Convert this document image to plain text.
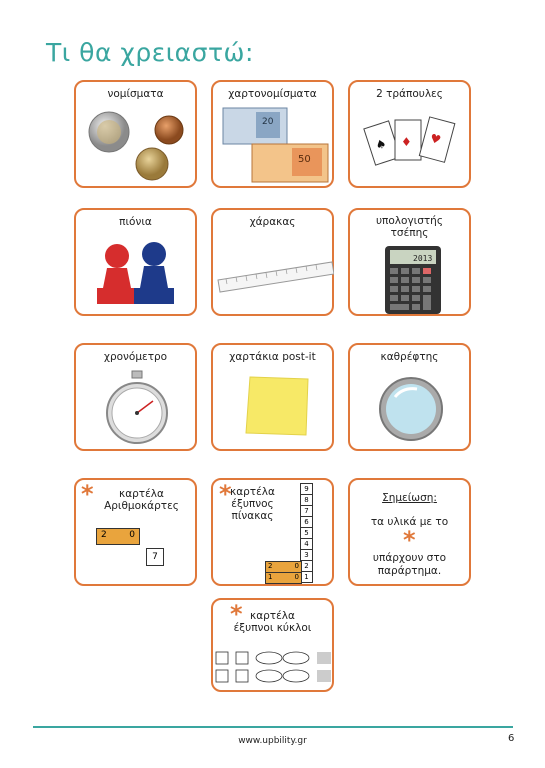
Τι θα χρειαστώ:
νομίσματα	χαρτονομίσματα
20
50
2 τράπουλες
♠ ♦ ♥
πιόνια	χάρακας	υπολογιστής
τσέπης
2013
χρονόμετρο	χαρτάκια post-it	καθρέφτης
*	καρτέλα
Αριθμοκάρτες
2	0
7
*
καρτέλα
έξυπνος
πίνακας
9
8
7
6
5
4
3
2
1
2	0
1	0
Σημείωση:
τα υλικά με το
*
υπάρχουν στο
παράρτημα.
* καρτέλα
έξυπνοι κύκλοι
www.upbility.gr	6
